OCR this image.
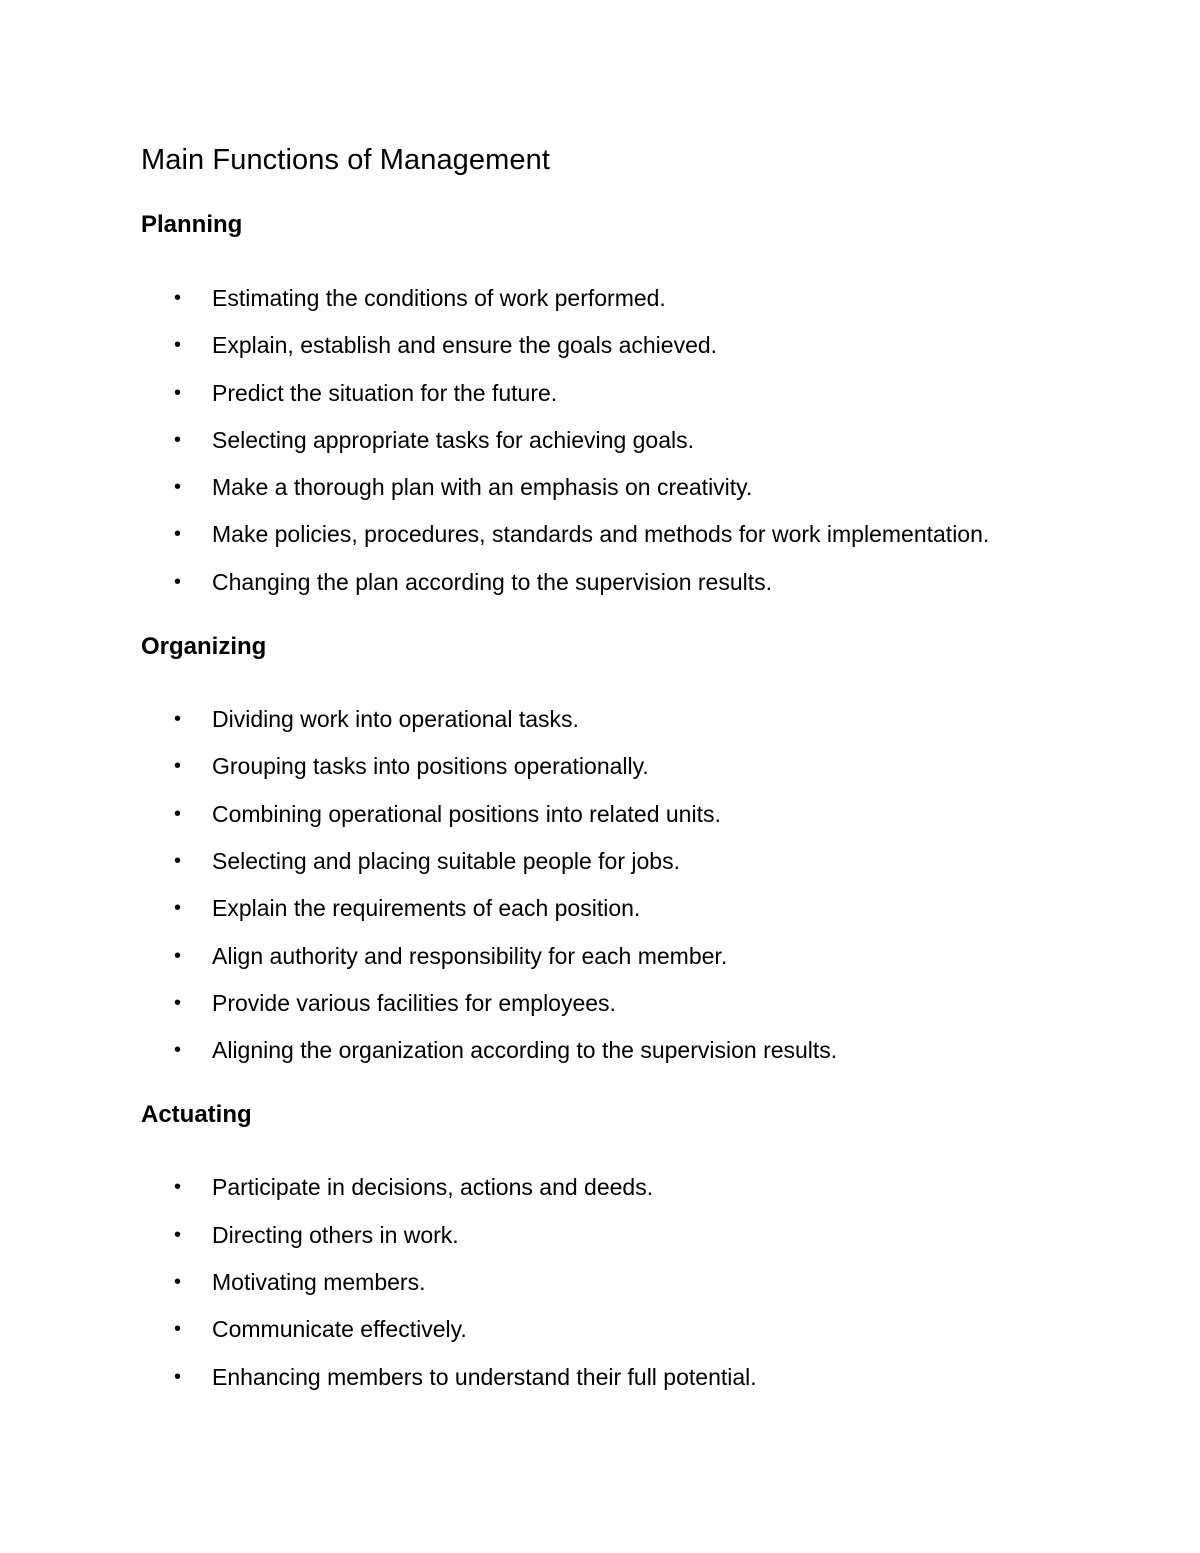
Main Functions of Management
Planning
• Estimating the conditions of work performed.
• Explain, establish and ensure the goals achieved.
• Predict the situation for the future.
• Selecting appropriate tasks for achieving goals.
• Make a thorough plan with an emphasis on creativity.
• Make policies, procedures, standards and methods for work implementation.
• Changing the plan according to the supervision results.
Organizing
• Dividing work into operational tasks.
• Grouping tasks into positions operationally.
• Combining operational positions into related units.
• Selecting and placing suitable people for jobs.
• Explain the requirements of each position.
• Align authority and responsibility for each member.
• Provide various facilities for employees.
• Aligning the organization according to the supervision results.
Actuating
• Participate in decisions, actions and deeds.
• Directing others in work.
• Motivating members.
• Communicate effectively.
• Enhancing members to understand their full potential.
